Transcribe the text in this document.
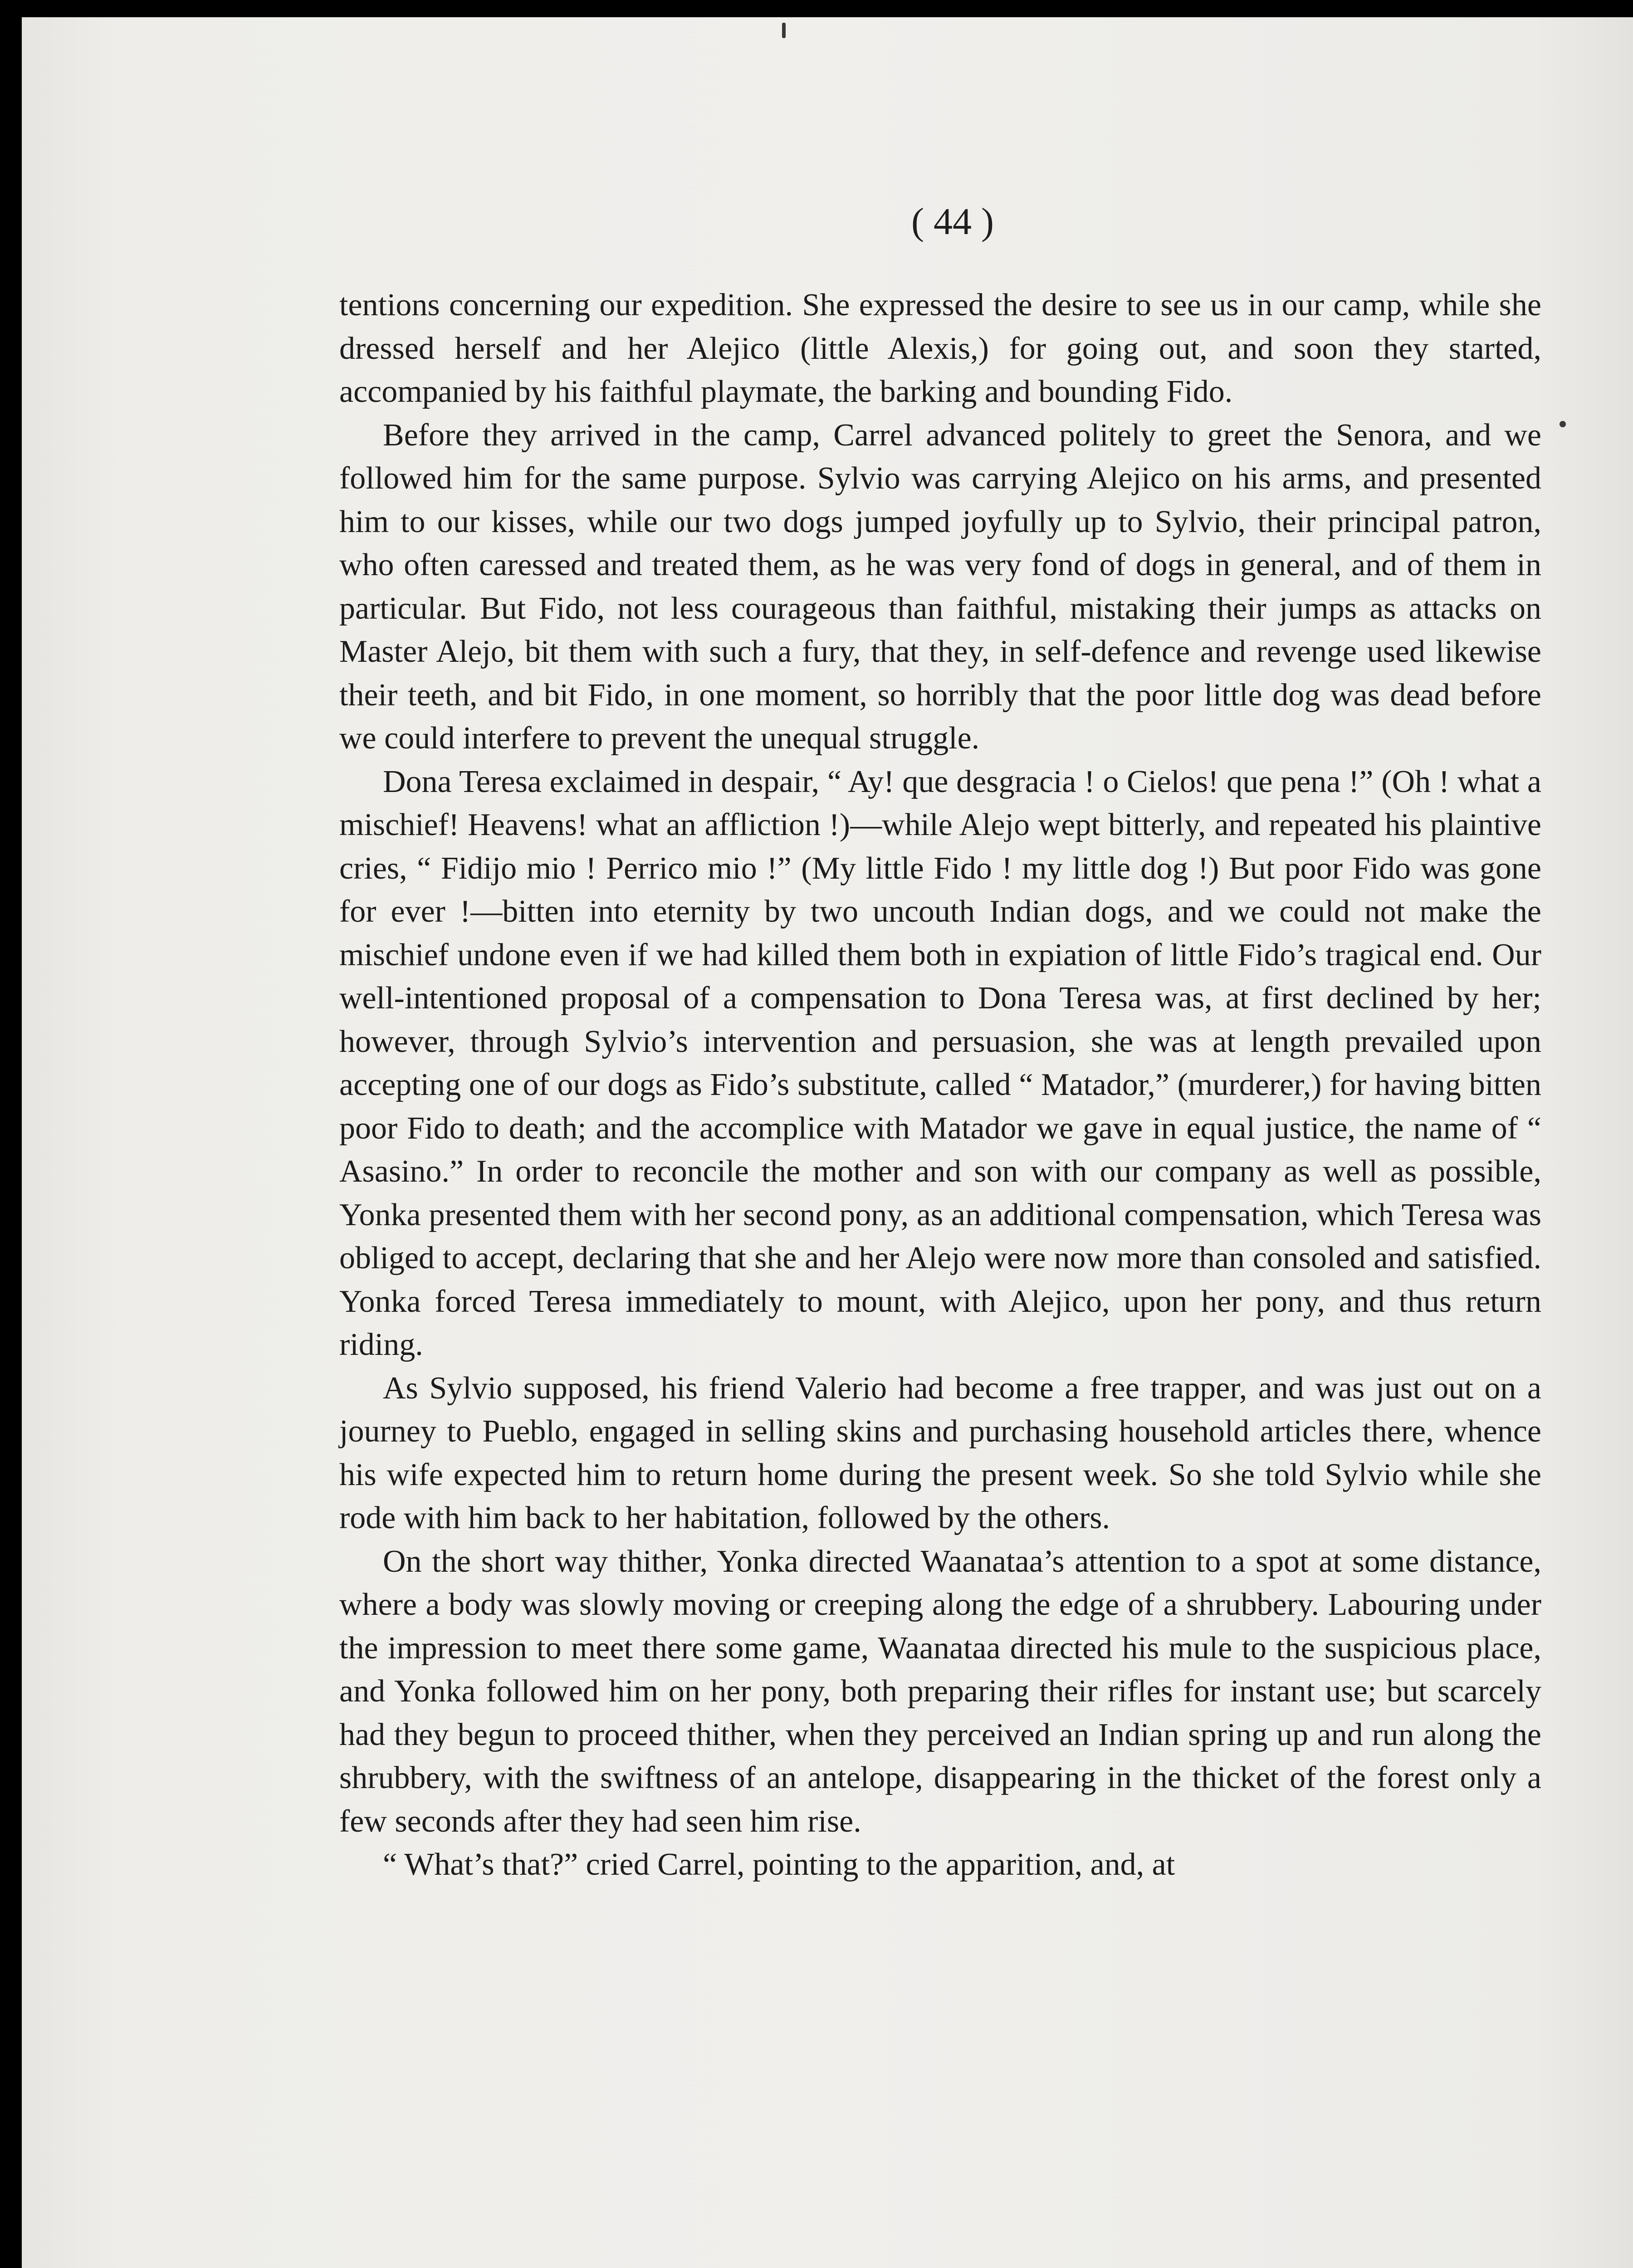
( 44 )

tentions concerning our expedition. She expressed the desire to see us in our camp, while she dressed herself and her Alejico (little Alexis,) for going out, and soon they started, accompanied by his faithful playmate, the barking and bounding Fido.

Before they arrived in the camp, Carrel advanced politely to greet the Senora, and we followed him for the same purpose. Sylvio was carrying Alejico on his arms, and presented him to our kisses, while our two dogs jumped joyfully up to Sylvio, their principal patron, who often caressed and treated them, as he was very fond of dogs in general, and of them in particular. But Fido, not less courageous than faithful, mistaking their jumps as attacks on Master Alejo, bit them with such a fury, that they, in self-defence and revenge used likewise their teeth, and bit Fido, in one moment, so horribly that the poor little dog was dead before we could interfere to prevent the unequal struggle.

Dona Teresa exclaimed in despair, “ Ay! que desgracia ! o Cielos! que pena !” (Oh ! what a mischief! Heavens! what an affliction !)—while Alejo wept bitterly, and repeated his plaintive cries, “ Fidijo mio ! Perrico mio !” (My little Fido ! my little dog !) But poor Fido was gone for ever !—bitten into eternity by two uncouth Indian dogs, and we could not make the mischief undone even if we had killed them both in expiation of little Fido’s tragical end. Our well-intentioned proposal of a compensation to Dona Teresa was, at first declined by her; however, through Sylvio’s intervention and persuasion, she was at length prevailed upon accepting one of our dogs as Fido’s substitute, called “ Matador,” (murderer,) for having bitten poor Fido to death; and the accomplice with Matador we gave in equal justice, the name of “ Asasino.” In order to reconcile the mother and son with our company as well as possible, Yonka presented them with her second pony, as an additional compensation, which Teresa was obliged to accept, declaring that she and her Alejo were now more than consoled and satisfied. Yonka forced Teresa immediately to mount, with Alejico, upon her pony, and thus return riding.

As Sylvio supposed, his friend Valerio had become a free trapper, and was just out on a journey to Pueblo, engaged in selling skins and purchasing household articles there, whence his wife expected him to return home during the present week. So she told Sylvio while she rode with him back to her habitation, followed by the others.

On the short way thither, Yonka directed Waanataa’s attention to a spot at some distance, where a body was slowly moving or creeping along the edge of a shrubbery. Labouring under the impression to meet there some game, Waanataa directed his mule to the suspicious place, and Yonka followed him on her pony, both preparing their rifles for instant use; but scarcely had they begun to proceed thither, when they perceived an Indian spring up and run along the shrubbery, with the swiftness of an antelope, disappearing in the thicket of the forest only a few seconds after they had seen him rise.

“ What’s that?” cried Carrel, pointing to the apparition, and, at
